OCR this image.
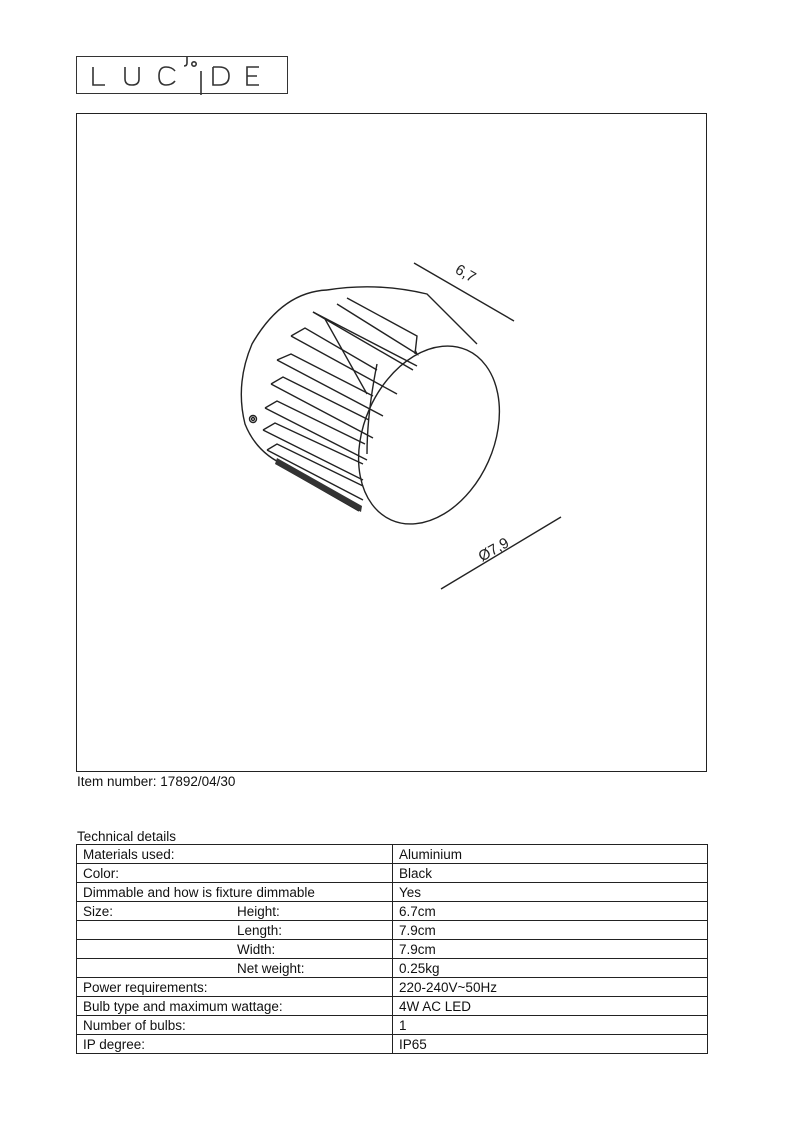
6,7
Ø7,9
Item number: 17892/04/30
Technical details
Materials used:	Aluminium
Color:	Black
Dimmable and how is fixture dimmable	Yes
Size: Height:	6.7cm
Length:	7.9cm
Width:	7.9cm
Net weight:	0.25kg
Power requirements:	220-240V~50Hz
Bulb type and maximum wattage:	4W AC LED
Number of bulbs:	1
IP degree:	IP65
